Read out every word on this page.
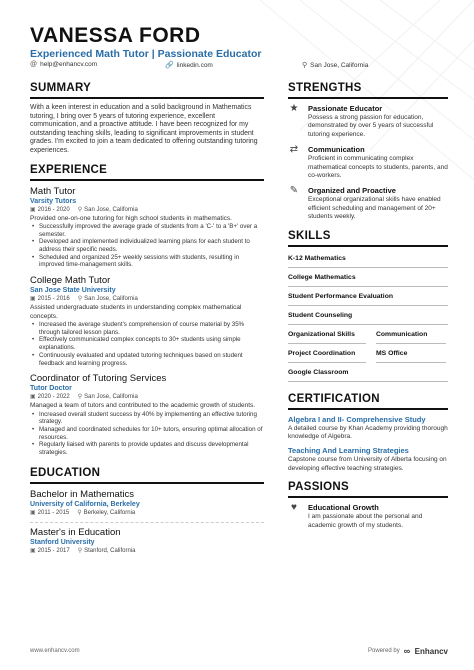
VANESSA FORD
Experienced Math Tutor | Passionate Educator
@ help@enhancv.com	🔗 linkedin.com	⚲ San Jose, California
SUMMARY
With a keen interest in education and a solid background in Mathematics tutoring, I bring over 5 years of tutoring experience, excellent communication, and a proactive attitude. I have been recognized for my outstanding teaching skills, leading to significant improvements in student grades. I'm excited to join a team dedicated to offering outstanding tutoring experiences.
EXPERIENCE
Math Tutor
Varsity Tutors
▣ 2016 - 2020 ⚲ San Jose, California
Provided one-on-one tutoring for high school students in mathematics.
• Successfully improved the average grade of students from a 'C-' to a 'B+' over a semester.
• Developed and implemented individualized learning plans for each student to address their specific needs.
• Scheduled and organized 25+ weekly sessions with students, resulting in improved time-management skills.
College Math Tutor
San Jose State University
▣ 2015 - 2016 ⚲ San Jose, California
Assisted undergraduate students in understanding complex mathematical concepts.
• Increased the average student's comprehension of course material by 35% through tailored lesson plans.
• Effectively communicated complex concepts to 30+ students using simple explanations.
• Continuously evaluated and updated tutoring techniques based on student feedback and learning progress.
Coordinator of Tutoring Services
Tutor Doctor
▣ 2020 - 2022 ⚲ San Jose, California
Managed a team of tutors and contributed to the academic growth of students.
• Increased overall student success by 40% by implementing an effective tutoring strategy.
• Managed and coordinated schedules for 10+ tutors, ensuring optimal allocation of resources.
• Regularly liaised with parents to provide updates and discuss developmental strategies.
EDUCATION
Bachelor in Mathematics
University of California, Berkeley
▣ 2011 - 2015 ⚲ Berkeley, California
Master's in Education
Stanford University
▣ 2015 - 2017 ⚲ Stanford, California
STRENGTHS
★ Passionate Educator
Possess a strong passion for education, demonstrated by over 5 years of successful tutoring experience.
⇄ Communication
Proficient in communicating complex mathematical concepts to students, parents, and co-workers.
✎ Organized and Proactive
Exceptional organizational skills have enabled efficient scheduling and management of 20+ students weekly.
SKILLS
K-12 Mathematics
College Mathematics
Student Performance Evaluation
Student Counseling
Organizational Skills	Communication
Project Coordination	MS Office
Google Classroom
CERTIFICATION
Algebra I and II- Comprehensive Study
A detailed course by Khan Academy providing thorough knowledge of Algebra.
Teaching And Learning Strategies
Capstone course from University of Alberta focusing on developing effective teaching strategies.
PASSIONS
♥	Educational Growth
I am passionate about the personal and academic growth of my students.
www.enhancv.com	Powered by ∞ Enhancv
